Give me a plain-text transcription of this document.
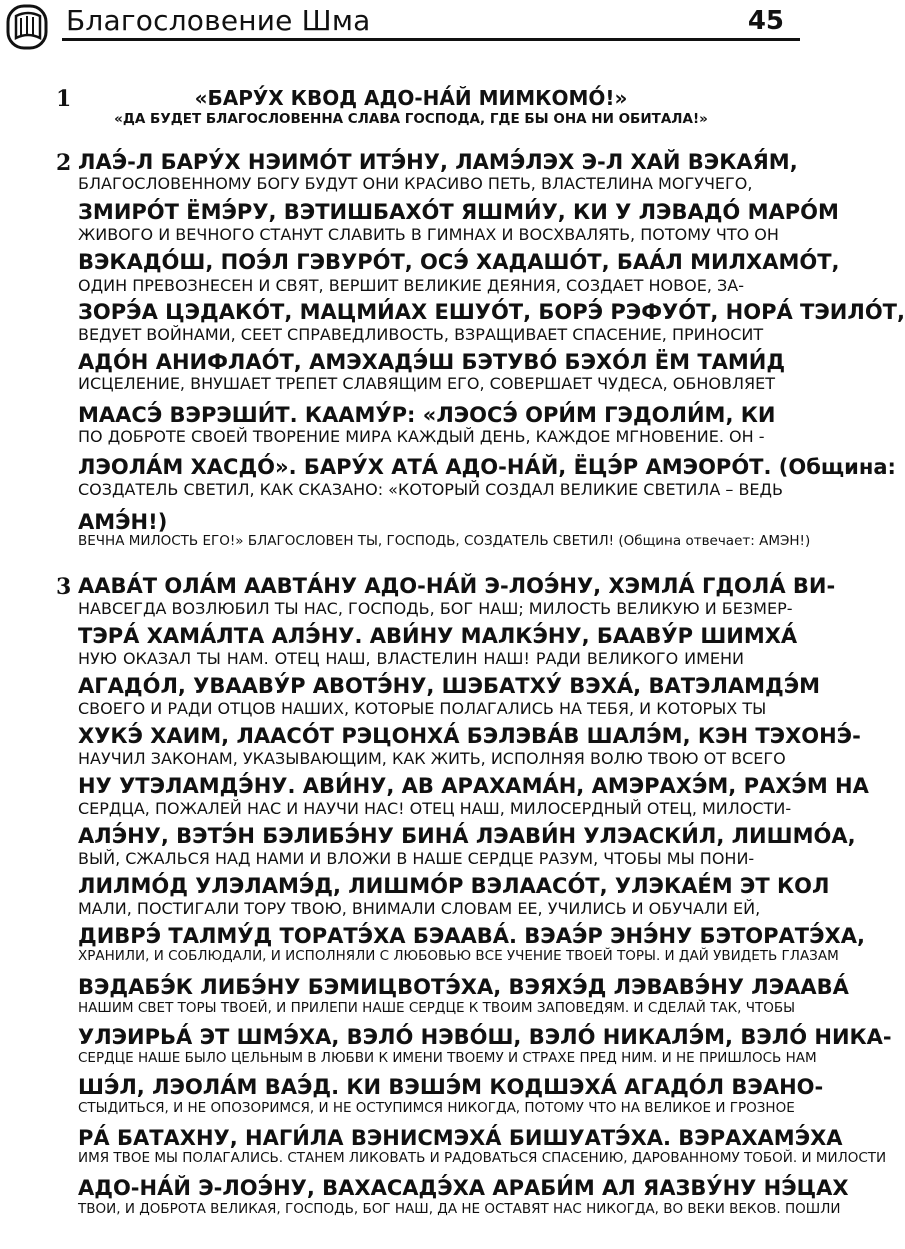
Благословение Шма	45
1	«БАРУ́Х КВОД АДО-НА́Й МИМКОМО́!»
«ДА БУДЕТ БЛАГОСЛОВЕННА СЛАВА ГОСПОДА, ГДЕ БЫ ОНА НИ ОБИТАЛА!»
2 ЛАЭ́-Л БАРУ́Х НЭИМО́Т ИТЭ́НУ, ЛАМЭ́ЛЭХ Э-Л ХАЙ ВЭКАЯ́М,
БЛАГОСЛОВЕННОМУ БОГУ БУДУТ ОНИ КРАСИВО ПЕТЬ, ВЛАСТЕЛИНА МОГУЧЕГО,
ЗМИРО́Т ЁМЭ́РУ, ВЭТИШБАХО́Т ЯШМИ́У, КИ У ЛЭВАДО́ МАРО́М
ЖИВОГО И ВЕЧНОГО СТАНУТ СЛАВИТЬ В ГИМНАХ И ВОСХВАЛЯТЬ, ПОТОМУ ЧТО ОН
ВЭКАДО́Ш, ПОЭ́Л ГЭВУРО́Т, ОСЭ́ ХАДАШО́Т, БАА́Л МИЛХАМО́Т,
ОДИН ПРЕВОЗНЕСЕН И СВЯТ, ВЕРШИТ ВЕЛИКИЕ ДЕЯНИЯ, СОЗДАЕТ НОВОЕ, ЗА-
ЗОРЭ́А ЦЭДАКО́Т, МАЦМИ́АХ ЕШУО́Т, БОРЭ́ РЭФУО́Т, НОРА́ ТЭИЛО́Т,
ВЕДУЕТ ВОЙНАМИ, СЕЕТ СПРАВЕДЛИВОСТЬ, ВЗРАЩИВАЕТ СПАСЕНИЕ, ПРИНОСИТ
АДО́Н АНИФЛАО́Т, АМЭХАДЭ́Ш БЭТУВО́ БЭХО́Л ЁМ ТАМИ́Д
ИСЦЕЛЕНИЕ, ВНУШАЕТ ТРЕПЕТ СЛАВЯЩИМ ЕГО, СОВЕРШАЕТ ЧУДЕСА, ОБНОВЛЯЕТ
МААСЭ́ ВЭРЭШИ́Т. КААМУ́Р: «ЛЭОСЭ́ ОРИ́М ГЭДОЛИ́М, КИ
ПО ДОБРОТЕ СВОЕЙ ТВОРЕНИЕ МИРА КАЖДЫЙ ДЕНЬ, КАЖДОЕ МГНОВЕНИЕ. ОН -
ЛЭОЛА́М ХАСДО́». БАРУ́Х АТА́ АДО-НА́Й, ЁЦЭ́Р АМЭОРО́Т. (Община:
СОЗДАТЕЛЬ СВЕТИЛ, КАК СКАЗАНО: «КОТОРЫЙ СОЗДАЛ ВЕЛИКИЕ СВЕТИЛА – ВЕДЬ
АМЭ́Н!)
ВЕЧНА МИЛОСТЬ ЕГО!» БЛАГОСЛОВЕН ТЫ, ГОСПОДЬ, СОЗДАТЕЛЬ СВЕТИЛ! (Община отвечает: АМЭН!)
3 ААВА́Т ОЛА́М ААВТА́НУ АДО-НА́Й Э-ЛОЭ́НУ, ХЭМЛА́ ГДОЛА́ ВИ-
НАВСЕГДА ВОЗЛЮБИЛ ТЫ НАС, ГОСПОДЬ, БОГ НАШ; МИЛОСТЬ ВЕЛИКУЮ И БЕЗМЕР-
ТЭРА́ ХАМА́ЛТА АЛЭ́НУ. АВИ́НУ МАЛКЭ́НУ, БААВУ́Р ШИМХА́
НУЮ ОКАЗАЛ ТЫ НАМ. ОТЕЦ НАШ, ВЛАСТЕЛИН НАШ! РАДИ ВЕЛИКОГО ИМЕНИ
АГАДО́Л, УВААВУ́Р АВОТЭ́НУ, ШЭБАТХУ́ ВЭХА́, ВАТЭЛАМДЭ́М
СВОЕГО И РАДИ ОТЦОВ НАШИХ, КОТОРЫЕ ПОЛАГАЛИСЬ НА ТЕБЯ, И КОТОРЫХ ТЫ
ХУКЭ́ ХАИМ, ЛААСО́Т РЭЦОНХА́ БЭЛЭВА́В ШАЛЭ́М, КЭН ТЭХОНЭ́-
НАУЧИЛ ЗАКОНАМ, УКАЗЫВАЮЩИМ, КАК ЖИТЬ, ИСПОЛНЯЯ ВОЛЮ ТВОЮ ОТ ВСЕГО
НУ УТЭЛАМДЭ́НУ. АВИ́НУ, АВ АРАХАМА́Н, АМЭРАХЭ́М, РАХЭ́М НА
СЕРДЦА, ПОЖАЛЕЙ НАС И НАУЧИ НАС! ОТЕЦ НАШ, МИЛОСЕРДНЫЙ ОТЕЦ, МИЛОСТИ-
АЛЭ́НУ, ВЭТЭ́Н БЭЛИБЭ́НУ БИНА́ ЛЭАВИ́Н УЛЭАСКИ́Л, ЛИШМО́А,
ВЫЙ, СЖАЛЬСЯ НАД НАМИ И ВЛОЖИ В НАШЕ СЕРДЦЕ РАЗУМ, ЧТОБЫ МЫ ПОНИ-
ЛИЛМО́Д УЛЭЛАМЭ́Д, ЛИШМО́Р ВЭЛААСО́Т, УЛЭКАЕ́М ЭТ КОЛ
МАЛИ, ПОСТИГАЛИ ТОРУ ТВОЮ, ВНИМАЛИ СЛОВАМ ЕЕ, УЧИЛИСЬ И ОБУЧАЛИ ЕЙ,
ДИВРЭ́ ТАЛМУ́Д ТОРАТЭ́ХА БЭААВА́. ВЭАЭ́Р ЭНЭ́НУ БЭТОРАТЭ́ХА,
ХРАНИЛИ, И СОБЛЮДАЛИ, И ИСПОЛНЯЛИ С ЛЮБОВЬЮ ВСЕ УЧЕНИЕ ТВОЕЙ ТОРЫ. И ДАЙ УВИДЕТЬ ГЛАЗАМ
ВЭДАБЭ́К ЛИБЭ́НУ БЭМИЦВОТЭ́ХА, ВЭЯХЭ́Д ЛЭВАВЭ́НУ ЛЭААВА́
НАШИМ СВЕТ ТОРЫ ТВОЕЙ, И ПРИЛЕПИ НАШЕ СЕРДЦЕ К ТВОИМ ЗАПОВЕДЯМ. И СДЕЛАЙ ТАК, ЧТОБЫ
УЛЭИРЬА́ ЭТ ШМЭ́ХА, ВЭЛО́ НЭВО́Ш, ВЭЛО́ НИКАЛЭ́М, ВЭЛО́ НИКА-
СЕРДЦЕ НАШЕ БЫЛО ЦЕЛЬНЫМ В ЛЮБВИ К ИМЕНИ ТВОЕМУ И СТРАХЕ ПРЕД НИМ. И НЕ ПРИШЛОСЬ НАМ
ШЭ́Л, ЛЭОЛА́М ВАЭ́Д. КИ ВЭШЭ́М КОДШЭХА́ АГАДО́Л ВЭАНО-
СТЫДИТЬСЯ, И НЕ ОПОЗОРИМСЯ, И НЕ ОСТУПИМСЯ НИКОГДА, ПОТОМУ ЧТО НА ВЕЛИКОЕ И ГРОЗНОЕ
РА́ БАТАХНУ, НАГИ́ЛА ВЭНИСМЭХА́ БИШУАТЭ́ХА. ВЭРАХАМЭ́ХА
ИМЯ ТВОЕ МЫ ПОЛАГАЛИСЬ. СТАНЕМ ЛИКОВАТЬ И РАДОВАТЬСЯ СПАСЕНИЮ, ДАРОВАННОМУ ТОБОЙ. И МИЛОСТИ
АДО-НА́Й Э-ЛОЭ́НУ, ВАХАСАДЭ́ХА АРАБИ́М АЛ ЯАЗВУ́НУ НЭ́ЦАХ
ТВОИ, И ДОБРОТА ВЕЛИКАЯ, ГОСПОДЬ, БОГ НАШ, ДА НЕ ОСТАВЯТ НАС НИКОГДА, ВО ВЕКИ ВЕКОВ. ПОШЛИ
